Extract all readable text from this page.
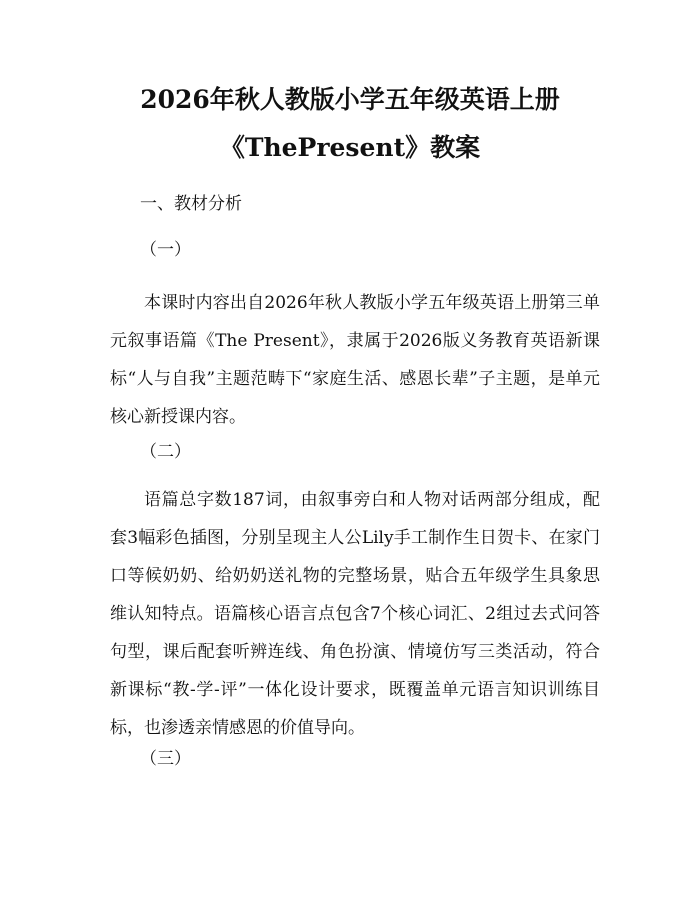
2026年秋人教版小学五年级英语上册
《ThePresent》教案
一、教材分析
（一）
本课时内容出自2026年秋人教版小学五年级英语上册第三单元叙事语篇《The Present》，隶属于2026版义务教育英语新课标“人与自我”主题范畴下“家庭生活、感恩长辈”子主题，是单元核心新授课内容。
（二）
语篇总字数187词，由叙事旁白和人物对话两部分组成，配套3幅彩色插图，分别呈现主人公Lily手工制作生日贺卡、在家门口等候奶奶、给奶奶送礼物的完整场景，贴合五年级学生具象思维认知特点。语篇核心语言点包含7个核心词汇、2组过去式问答句型，课后配套听辨连线、角色扮演、情境仿写三类活动，符合新课标“教-学-评”一体化设计要求，既覆盖单元语言知识训练目标，也渗透亲情感恩的价值导向。
（三）
